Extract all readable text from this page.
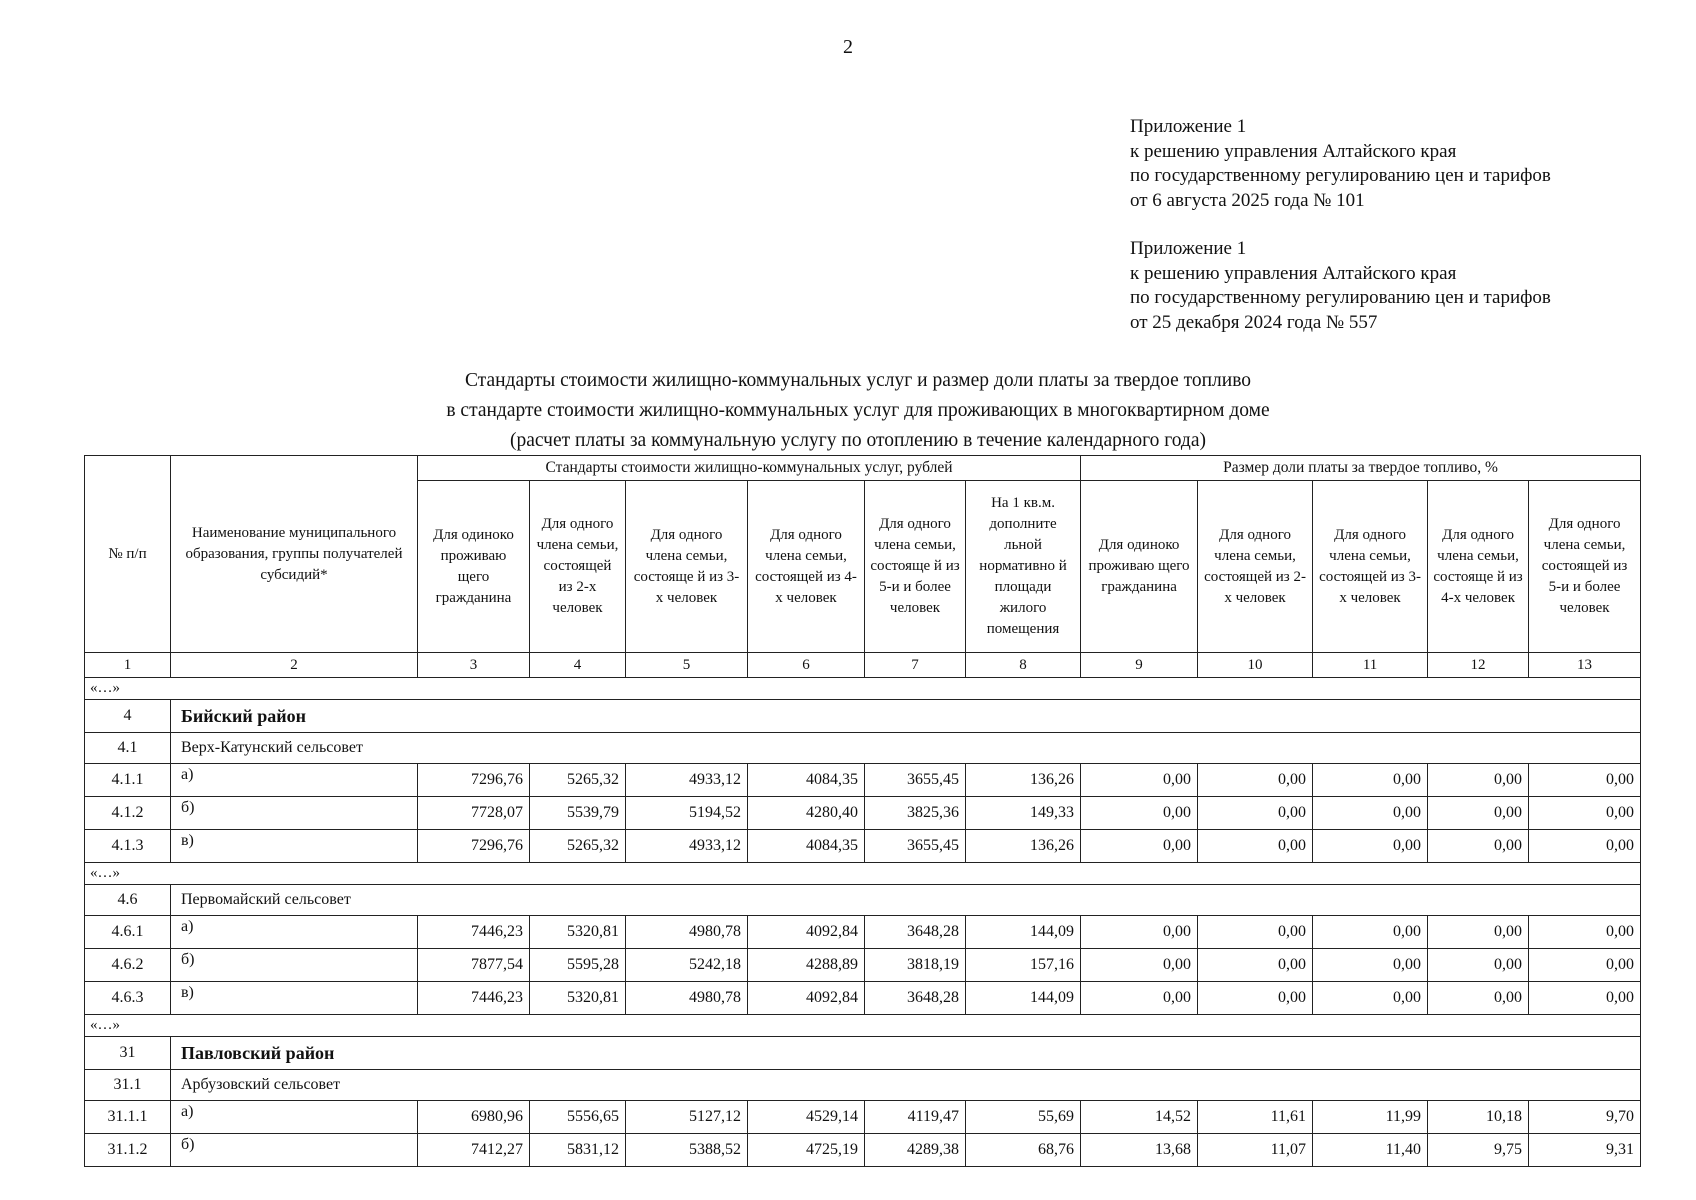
2
Приложение 1
к решению управления Алтайского края
по государственному регулированию цен и тарифов
от 6 августа 2025 года № 101
Приложение 1
к решению управления Алтайского края
по государственному регулированию цен и тарифов
от 25 декабря 2024 года № 557
Стандарты стоимости жилищно-коммунальных услуг и размер доли платы за твердое топливо
в стандарте стоимости жилищно-коммунальных услуг для проживающих в многоквартирном доме
(расчет платы за коммунальную услугу по отоплению в течение календарного года)
№ п/п	Наименование муниципального образования, группы получателей субсидий*	Стандарты стоимости жилищно-коммунальных услуг, рублей						Размер доли платы за твердое топливо, %				
		Для одиноко проживаю щего гражданина	Для одного члена семьи, состоящей из 2-х человек	Для одного члена семьи, состояще й из 3-х человек	Для одного члена семьи, состоящей из 4-х человек	Для одного члена семьи, состояще й из 5-и и более человек	На 1 кв.м. дополните льной нормативно й площади жилого помещения	Для одиноко проживаю щего гражданина	Для одного члена семьи, состоящей из 2-х человек	Для одного члена семьи, состоящей из 3-х человек	Для одного члена семьи, состояще й из 4-х человек	Для одного члена семьи, состоящей из 5-и и более человек
1	2	3	4	5	6	7	8	9	10	11	12	13
«…»												
4	Бийский район											
4.1	Верх-Катунский сельсовет											
4.1.1	а)	7296,76	5265,32	4933,12	4084,35	3655,45	136,26	0,00	0,00	0,00	0,00	0,00
4.1.2	б)	7728,07	5539,79	5194,52	4280,40	3825,36	149,33	0,00	0,00	0,00	0,00	0,00
4.1.3	в)	7296,76	5265,32	4933,12	4084,35	3655,45	136,26	0,00	0,00	0,00	0,00	0,00
«…»												
4.6	Первомайский сельсовет											
4.6.1	а)	7446,23	5320,81	4980,78	4092,84	3648,28	144,09	0,00	0,00	0,00	0,00	0,00
4.6.2	б)	7877,54	5595,28	5242,18	4288,89	3818,19	157,16	0,00	0,00	0,00	0,00	0,00
4.6.3	в)	7446,23	5320,81	4980,78	4092,84	3648,28	144,09	0,00	0,00	0,00	0,00	0,00
«…»												
31	Павловский район											
31.1	Арбузовский сельсовет											
31.1.1	а)	6980,96	5556,65	5127,12	4529,14	4119,47	55,69	14,52	11,61	11,99	10,18	9,70
31.1.2	б)	7412,27	5831,12	5388,52	4725,19	4289,38	68,76	13,68	11,07	11,40	9,75	9,31
